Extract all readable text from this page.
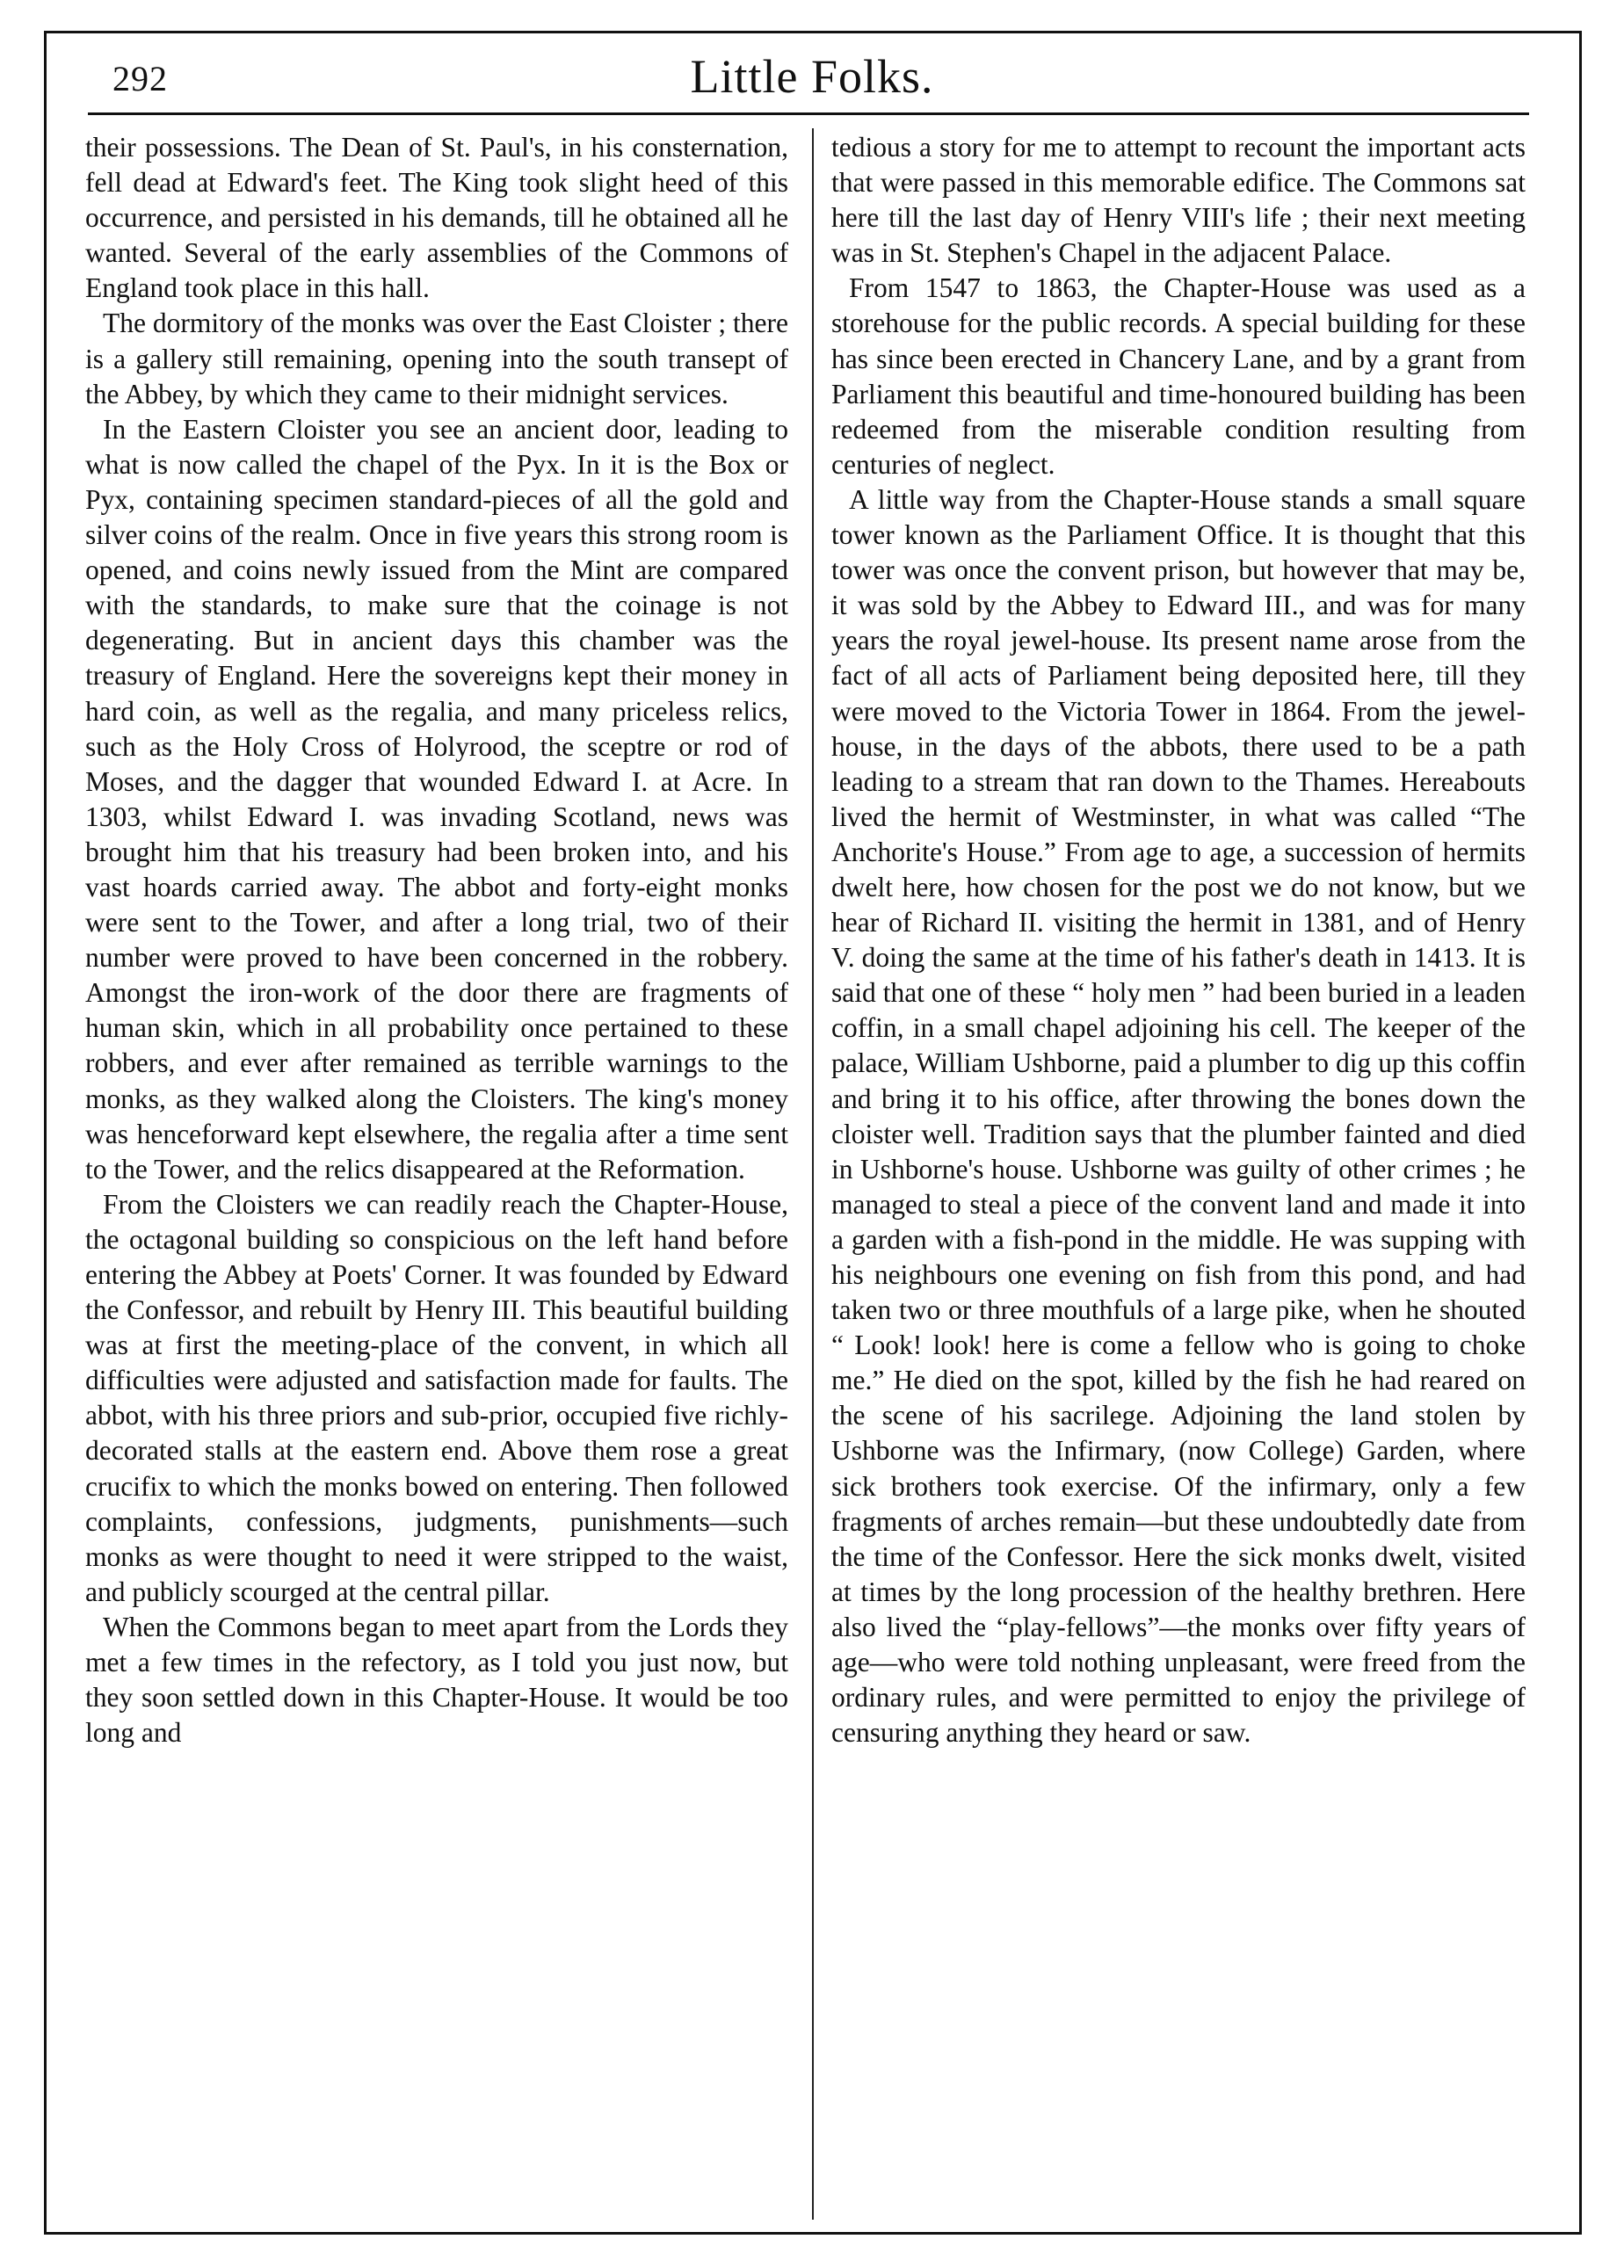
292	Little Folks.

their possessions. The Dean of St. Paul's, in his consternation, fell dead at Edward's feet. The King took slight heed of this occurrence, and persisted in his demands, till he obtained all he wanted. Several of the early assemblies of the Commons of England took place in this hall.

The dormitory of the monks was over the East Cloister ; there is a gallery still remaining, opening into the south transept of the Abbey, by which they came to their midnight services.

In the Eastern Cloister you see an ancient door, leading to what is now called the chapel of the Pyx. In it is the Box or Pyx, containing specimen standard-pieces of all the gold and silver coins of the realm. Once in five years this strong room is opened, and coins newly issued from the Mint are compared with the standards, to make sure that the coinage is not degenerating. But in ancient days this chamber was the treasury of England. Here the sovereigns kept their money in hard coin, as well as the regalia, and many priceless relics, such as the Holy Cross of Holyrood, the sceptre or rod of Moses, and the dagger that wounded Edward I. at Acre. In 1303, whilst Edward I. was invading Scotland, news was brought him that his treasury had been broken into, and his vast hoards carried away. The abbot and forty-eight monks were sent to the Tower, and after a long trial, two of their number were proved to have been concerned in the robbery. Amongst the iron-work of the door there are fragments of human skin, which in all probability once pertained to these robbers, and ever after remained as terrible warnings to the monks, as they walked along the Cloisters. The king's money was henceforward kept elsewhere, the regalia after a time sent to the Tower, and the relics disappeared at the Reformation.

From the Cloisters we can readily reach the Chapter-House, the octagonal building so conspicious on the left hand before entering the Abbey at Poets' Corner. It was founded by Edward the Confessor, and rebuilt by Henry III. This beautiful building was at first the meeting-place of the convent, in which all difficulties were adjusted and satisfaction made for faults. The abbot, with his three priors and sub-prior, occupied five richly-decorated stalls at the eastern end. Above them rose a great crucifix to which the monks bowed on entering. Then followed complaints, confessions, judgments, punishments—such monks as were thought to need it were stripped to the waist, and publicly scourged at the central pillar.

When the Commons began to meet apart from the Lords they met a few times in the refectory, as I told you just now, but they soon settled down in this Chapter-House. It would be too long and

tedious a story for me to attempt to recount the important acts that were passed in this memorable edifice. The Commons sat here till the last day of Henry VIII's life ; their next meeting was in St. Stephen's Chapel in the adjacent Palace.

From 1547 to 1863, the Chapter-House was used as a storehouse for the public records. A special building for these has since been erected in Chancery Lane, and by a grant from Parliament this beautiful and time-honoured building has been redeemed from the miserable condition resulting from centuries of neglect.

A little way from the Chapter-House stands a small square tower known as the Parliament Office. It is thought that this tower was once the convent prison, but however that may be, it was sold by the Abbey to Edward III., and was for many years the royal jewel-house. Its present name arose from the fact of all acts of Parliament being deposited here, till they were moved to the Victoria Tower in 1864. From the jewel-house, in the days of the abbots, there used to be a path leading to a stream that ran down to the Thames. Hereabouts lived the hermit of Westminster, in what was called “The Anchorite's House.” From age to age, a succession of hermits dwelt here, how chosen for the post we do not know, but we hear of Richard II. visiting the hermit in 1381, and of Henry V. doing the same at the time of his father's death in 1413. It is said that one of these “ holy men ” had been buried in a leaden coffin, in a small chapel adjoining his cell. The keeper of the palace, William Ushborne, paid a plumber to dig up this coffin and bring it to his office, after throwing the bones down the cloister well. Tradition says that the plumber fainted and died in Ushborne's house. Ushborne was guilty of other crimes ; he managed to steal a piece of the convent land and made it into a garden with a fish-pond in the middle. He was supping with his neighbours one evening on fish from this pond, and had taken two or three mouthfuls of a large pike, when he shouted “ Look! look! here is come a fellow who is going to choke me.” He died on the spot, killed by the fish he had reared on the scene of his sacrilege. Adjoining the land stolen by Ushborne was the Infirmary, (now College) Garden, where sick brothers took exercise. Of the infirmary, only a few fragments of arches remain—but these undoubtedly date from the time of the Confessor. Here the sick monks dwelt, visited at times by the long procession of the healthy brethren. Here also lived the “play-fellows”—the monks over fifty years of age—who were told nothing unpleasant, were freed from the ordinary rules, and were permitted to enjoy the privilege of censuring anything they heard or saw.
